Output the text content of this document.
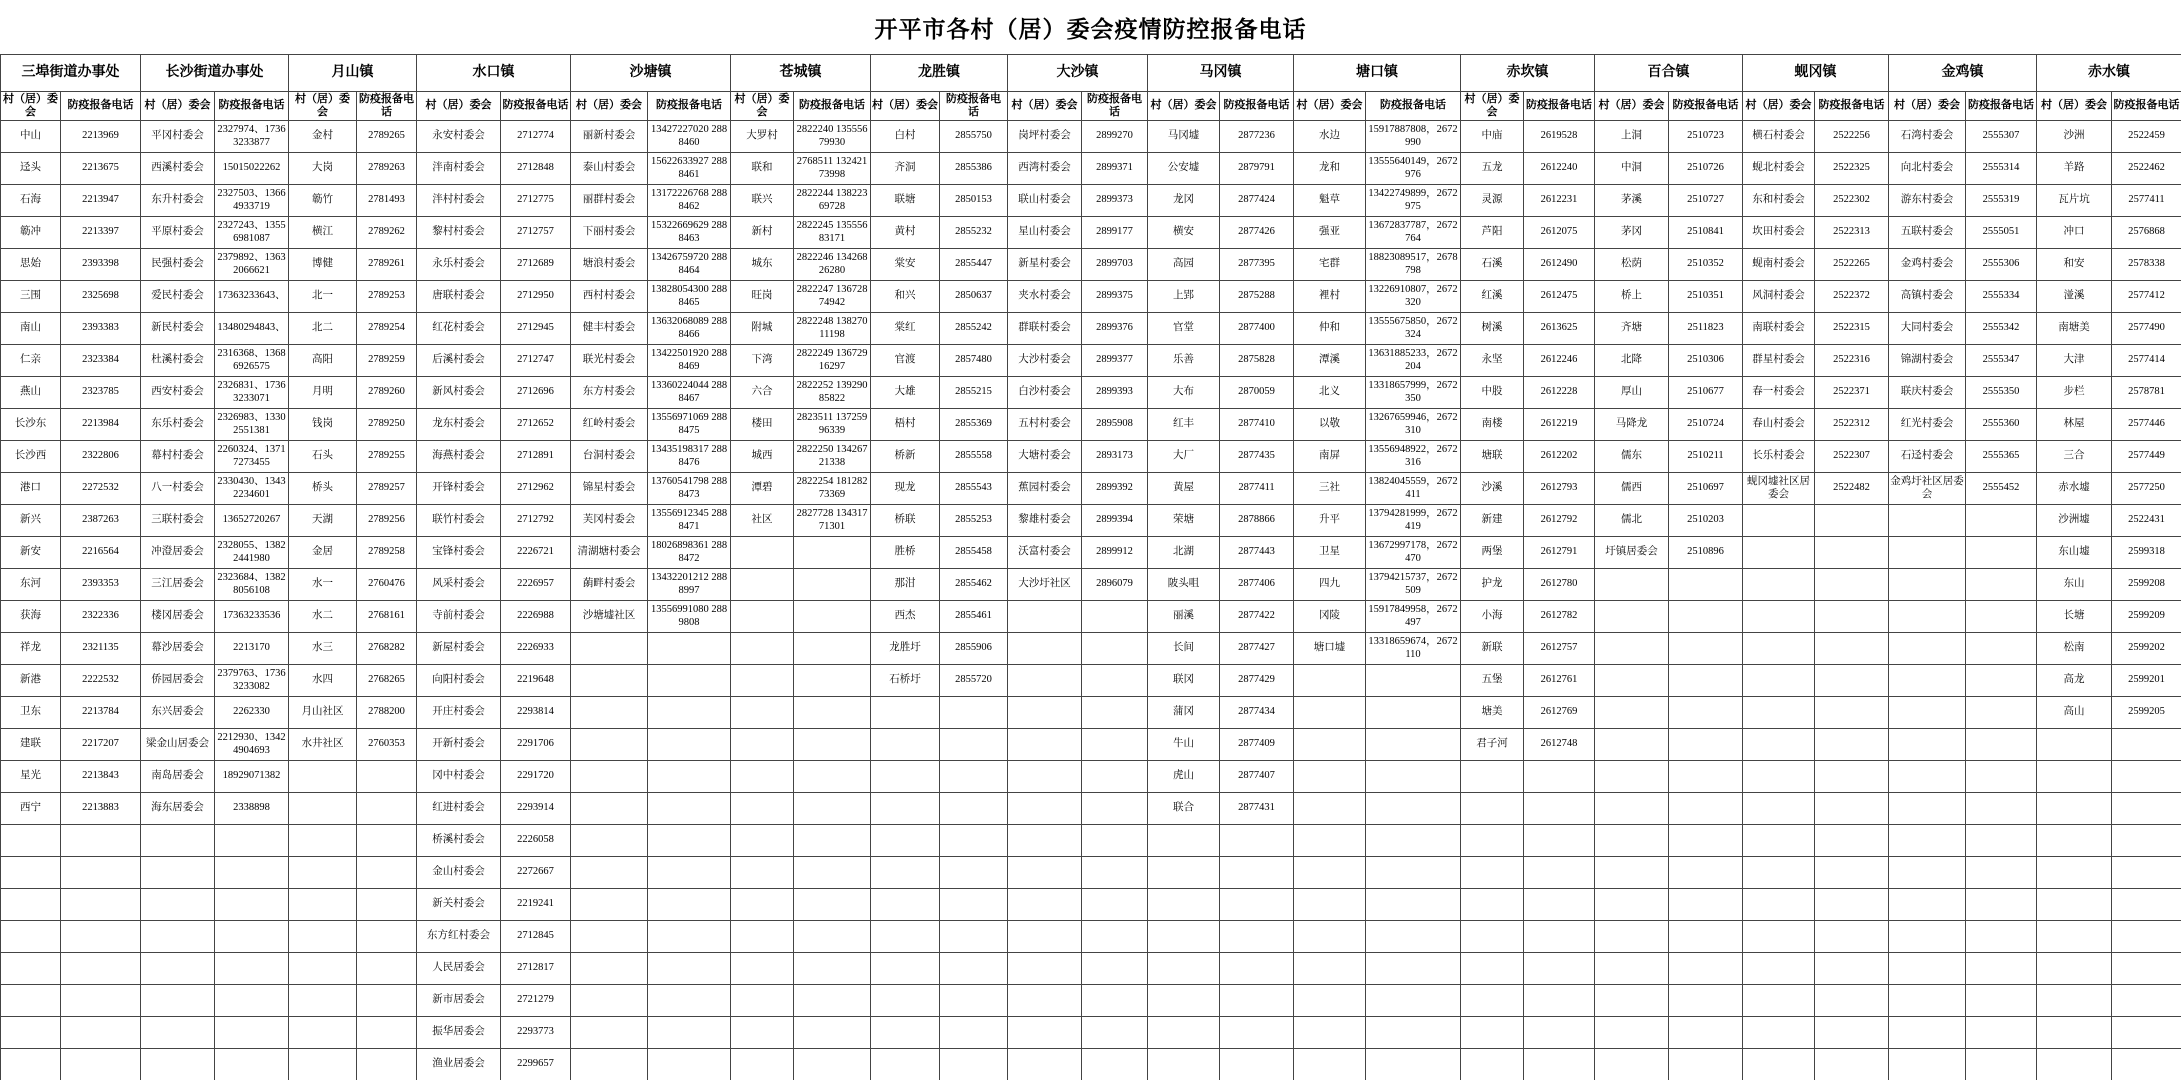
开平市各村（居）委会疫情防控报备电话
三埠街道办事处		长沙街道办事处		月山镇		水口镇		沙塘镇		苍城镇		龙胜镇		大沙镇		马冈镇		塘口镇		赤坎镇		百合镇		蚬冈镇		金鸡镇		赤水镇	
村（居）委会	防疫报备电话	村（居）委会	防疫报备电话	村（居）委会	防疫报备电话	村（居）委会	防疫报备电话	村（居）委会	防疫报备电话	村（居）委会	防疫报备电话	村（居）委会	防疫报备电话	村（居）委会	防疫报备电话	村（居）委会	防疫报备电话	村（居）委会	防疫报备电话	村（居）委会	防疫报备电话	村（居）委会	防疫报备电话	村（居）委会	防疫报备电话	村（居）委会	防疫报备电话	村（居）委会	防疫报备电话
中山	2213969	平冈村委会	2327974、17363233877	金村	2789265	永安村委会	2712774	丽新村委会	13427227020 2888460	大罗村	2822240 13555679930	白村	2855750	岗坪村委会	2899270	马冈墟	2877236	水边	15917887808，2672990	中庙	2619528	上洞	2510723	横石村委会	2522256	石湾村委会	2555307	沙洲	2522459
迳头	2213675	西溪村委会	15015022262	大岗	2789263	泮南村委会	2712848	泰山村委会	15622633927 2888461	联和	2768511 13242173998	齐洞	2855386	西湾村委会	2899371	公安墟	2879791	龙和	13555640149，2672976	五龙	2612240	中洞	2510726	蚬北村委会	2522325	向北村委会	2555314	羊路	2522462
石海	2213947	东升村委会	2327503、13664933719	簕竹	2781493	泮村村委会	2712775	丽群村委会	13172226768 2888462	联兴	2822244 13822369728	联塘	2850153	联山村委会	2899373	龙冈	2877424	魁草	13422749899，2672975	灵源	2612231	茅溪	2510727	东和村委会	2522302	游东村委会	2555319	瓦片坑	2577411
簕冲	2213397	平原村委会	2327243、13556981087	横江	2789262	黎村村委会	2712757	下丽村委会	15322669629 2888463	新村	2822245 13555683171	黄村	2855232	星山村委会	2899177	横安	2877426	强亚	13672837787，2672764	芦阳	2612075	茅冈	2510841	坎田村委会	2522313	五联村委会	2555051	冲口	2576868
思始	2393398	民强村委会	2379892、13632066621	博健	2789261	永乐村委会	2712689	塘浪村委会	13426759720 2888464	城东	2822246 13426826280	棠安	2855447	新星村委会	2899703	高园	2877395	宅群	18823089517，2678798	石溪	2612490	松荫	2510352	蚬南村委会	2522265	金鸡村委会	2555306	和安	2578338
三围	2325698	爱民村委会	17363233643、	北一	2789253	唐联村委会	2712950	西村村委会	13828054300 2888465	旺岗	2822247 13672874942	和兴	2850637	夹水村委会	2899375	上郢	2875288	裡村	13226910807，2672320	红溪	2612475	桥上	2510351	风洞村委会	2522372	高镇村委会	2555334	湴溪	2577412
南山	2393383	新民村委会	13480294843、	北二	2789254	红花村委会	2712945	健丰村委会	13632068089 2888466	附城	2822248 13827011198	棠红	2855242	群联村委会	2899376	官堂	2877400	仲和	13555675850，2672324	树溪	2613625	齐塘	2511823	南联村委会	2522315	大同村委会	2555342	南塘美	2577490
仁亲	2323384	杜溪村委会	2316368、13686926575	高阳	2789259	后溪村委会	2712747	联光村委会	13422501920 2888469	下湾	2822249 13672916297	官渡	2857480	大沙村委会	2899377	乐善	2875828	潭溪	13631885233，2672204	永坚	2612246	北降	2510306	群星村委会	2522316	锦湖村委会	2555347	大津	2577414
燕山	2323785	西安村委会	2326831、17363233071	月明	2789260	新风村委会	2712696	东方村委会	13360224044 2888467	六合	2822252 13929085822	大雄	2855215	白沙村委会	2899393	大布	2870059	北义	13318657999，2672350	中股	2612228	厚山	2510677	春一村委会	2522371	联庆村委会	2555350	步栏	2578781
长沙东	2213984	东乐村委会	2326983、13302551381	钱岗	2789250	龙东村委会	2712652	红岭村委会	13556971069 2888475	楼田	2823511 13725996339	梧村	2855369	五村村委会	2895908	红丰	2877410	以敬	13267659946，2672310	南楼	2612219	马降龙	2510724	春山村委会	2522312	红光村委会	2555360	林屋	2577446
长沙西	2322806	幕村村委会	2260324、13717273455	石头	2789255	海燕村委会	2712891	台洞村委会	13435198317 2888476	城西	2822250 13426721338	桥新	2855558	大塘村委会	2893173	大厂	2877435	南屏	13556948922，2672316	塘联	2612202	儒东	2510211	长乐村委会	2522307	石迳村委会	2555365	三合	2577449
港口	2272532	八一村委会	2330430、13432234601	桥头	2789257	开锋村委会	2712962	锦星村委会	13760541798 2888473	潭碧	2822254 18128273369	现龙	2855543	蕉园村委会	2899392	黄屋	2877411	三社	13824045559，2672411	沙溪	2612793	儒西	2510697	蚬冈墟社区居委会	2522482	金鸡圩社区居委会	2555452	赤水墟	2577250
新兴	2387263	三联村委会	13652720267	天湖	2789256	联竹村委会	2712792	芙冈村委会	13556912345 2888471	社区	2827728 13431771301	桥联	2855253	黎雄村委会	2899394	荣塘	2878866	升平	13794281999，2672419	新建	2612792	儒北	2510203					沙洲墟	2522431
新安	2216564	冲澄居委会	2328055、13822441980	金居	2789258	宝锋村委会	2226721	清湖塘村委会	18026898361 2888472			胜桥	2855458	沃富村委会	2899912	北湖	2877443	卫星	13672997178，2672470	两堡	2612791	圩镇居委会	2510896					东山墟	2599318
东河	2393353	三江居委会	2323684、13828056108	水一	2760476	风采村委会	2226957	蓢畔村委会	13432201212 2888997			那泔	2855462	大沙圩社区	2896079	陂头咀	2877406	四九	13794215737，2672509	护龙	2612780							东山	2599208
获海	2322336	楼冈居委会	17363233536	水二	2768161	寺前村委会	2226988	沙塘墟社区	13556991080 2889808			西杰	2855461			丽溪	2877422	冈陵	15917849958，2672497	小海	2612782							长塘	2599209
祥龙	2321135	幕沙居委会	2213170	水三	2768282	新屋村委会	2226933					龙胜圩	2855906			长间	2877427	塘口墟	13318659674，2672110	新联	2612757							松南	2599202
新港	2222532	侨园居委会	2379763、17363233082	水四	2768265	向阳村委会	2219648					石桥圩	2855720			联冈	2877429			五堡	2612761							高龙	2599201
卫东	2213784	东兴居委会	2262330	月山社区	2788200	开庄村委会	2293814									蒲冈	2877434			塘美	2612769							高山	2599205
建联	2217207	梁金山居委会	2212930、13424904693	水井社区	2760353	开新村委会	2291706									牛山	2877409			君子河	2612748								
星光	2213843	南岛居委会	18929071382			冈中村委会	2291720									虎山	2877407												
西宁	2213883	海东居委会	2338898			红进村委会	2293914									联合	2877431												
						桥溪村委会	2226058																						
						金山村委会	2272667																						
						新关村委会	2219241																						
						东方红村委会	2712845																						
						人民居委会	2712817																						
						新市居委会	2721279																						
						振华居委会	2293773																						
						渔业居委会	2299657																						
